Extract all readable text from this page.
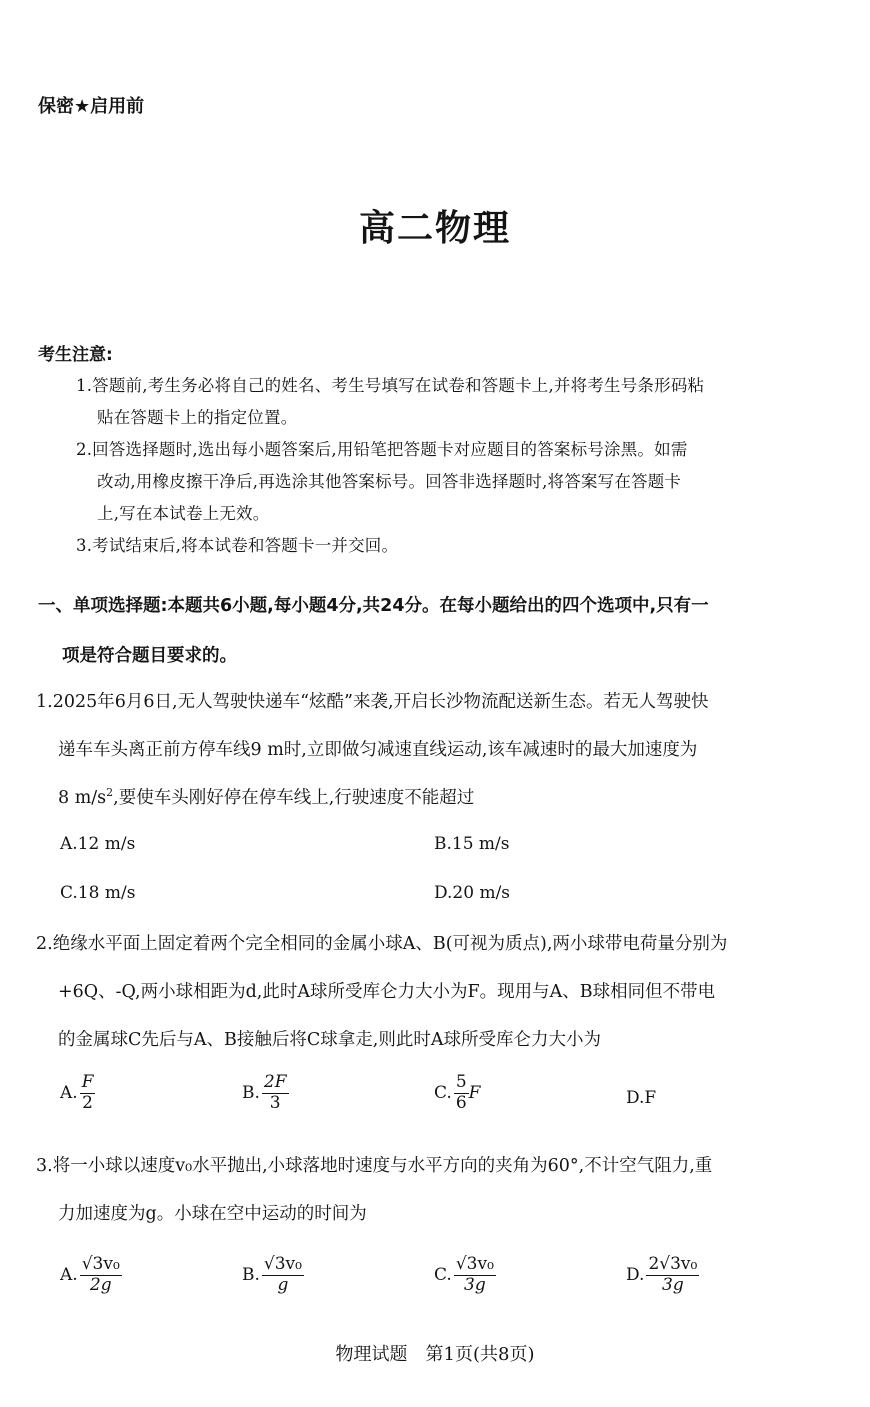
保密★启用前
高二物理
考生注意:
1.答题前,考生务必将自己的姓名、考生号填写在试卷和答题卡上,并将考生号条形码粘
贴在答题卡上的指定位置。
2.回答选择题时,选出每小题答案后,用铅笔把答题卡对应题目的答案标号涂黑。如需
改动,用橡皮擦干净后,再选涂其他答案标号。回答非选择题时,将答案写在答题卡
上,写在本试卷上无效。
3.考试结束后,将本试卷和答题卡一并交回。
一、单项选择题:本题共6小题,每小题4分,共24分。在每小题给出的四个选项中,只有一
项是符合题目要求的。
1.2025年6月6日,无人驾驶快递车“炫酷”来袭,开启长沙物流配送新生态。若无人驾驶快
递车车头离正前方停车线9 m时,立即做匀减速直线运动,该车减速时的最大加速度为
8 $m/s^2$,要使车头刚好停在停车线上,行驶速度不能超过
A.12 m/s	B.15 m/s
C.18 m/s	D.20 m/s
2.绝缘水平面上固定着两个完全相同的金属小球A、B(可视为质点),两小球带电荷量分别为
+6Q、-Q,两小球相距为d,此时A球所受库仑力大小为F。现用与A、B球相同但不带电
的金属球C先后与A、B接触后将C球拿走,则此时A球所受库仑力大小为
A. $\frac{F}{2}$	B. $\frac{2F}{3}$	C. $\frac{5}{6}$ F	D.F
3.将一小球以速度v₀水平抛出,小球落地时速度与水平方向的夹角为60°,不计空气阻力,重
力加速度为g。小球在空中运动的时间为
A. $\frac{\text{√3v₀}}{2g}$	B. $\frac{\text{√3v₀}}{g}$	C. $\frac{\text{√3v₀}}{3g}$	D. $\frac{\text{2√3v₀}}{3g}$
物理试题　第1页(共8页)
